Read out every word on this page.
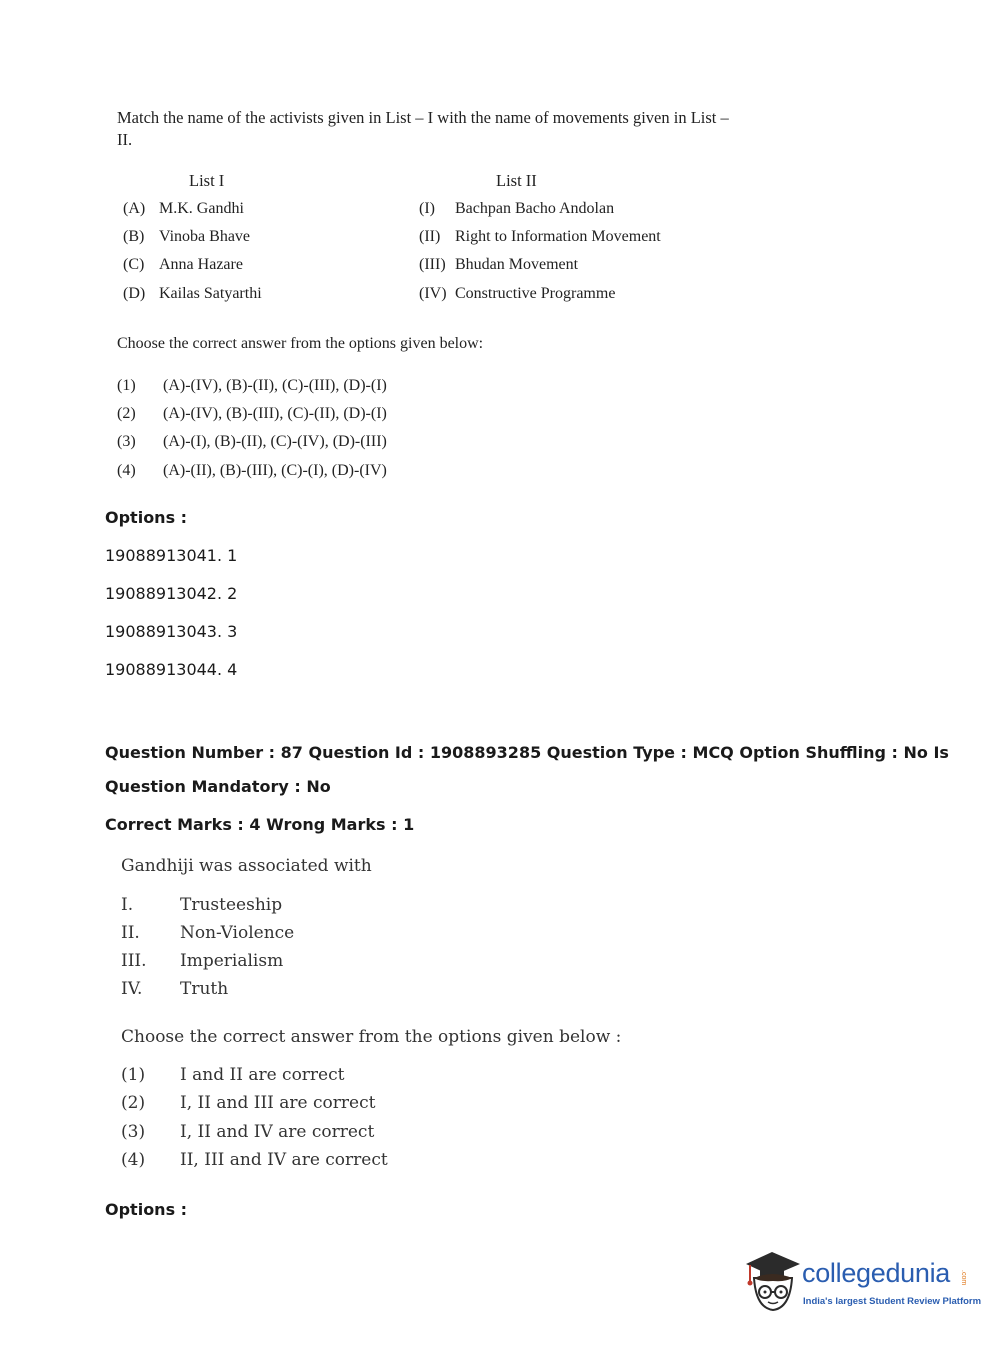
Match the name of the activists given in List – I with the name of movements given in List – II.
List I	List II
(A) M.K. Gandhi
(B) Vinoba Bhave
(C) Anna Hazare
(D) Kailas Satyarthi
(I) Bachpan Bacho Andolan
(II) Right to Information Movement
(III) Bhudan Movement
(IV) Constructive Programme
Choose the correct answer from the options given below:
(1) (A)-(IV), (B)-(II), (C)-(III), (D)-(I)
(2) (A)-(IV), (B)-(III), (C)-(II), (D)-(I)
(3) (A)-(I), (B)-(II), (C)-(IV), (D)-(III)
(4) (A)-(II), (B)-(III), (C)-(I), (D)-(IV)
Options :
19088913041. 1
19088913042. 2
19088913043. 3
19088913044. 4
Question Number : 87 Question Id : 1908893285 Question Type : MCQ Option Shuffling : No Is
Question Mandatory : No
Correct Marks : 4 Wrong Marks : 1
Gandhiji was associated with
I.	Trusteeship
II. Non-Violence
III. Imperialism
IV. Truth
Choose the correct answer from the options given below :
(1) I and II are correct
(2) I, II and III are correct
(3) I, II and IV are correct
(4) II, III and IV are correct
Options :
collegedunia .com
India's largest Student Review Platform
